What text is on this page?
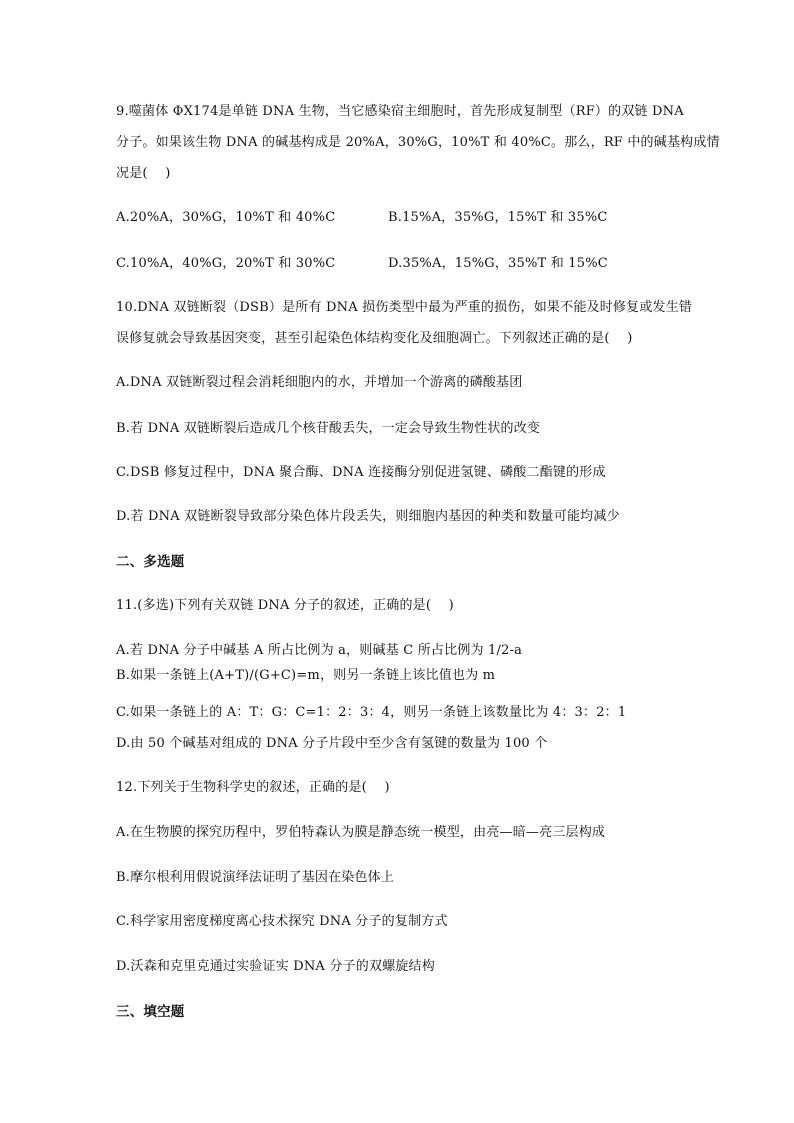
9.噬菌体 ΦX174是单链 DNA 生物，当它感染宿主细胞时，首先形成复制型（RF）的双链 DNA
分子。如果该生物 DNA 的碱基构成是 20%A，30%G，10%T 和 40%C。那么，RF 中的碱基构成情
况是(　 )
A.20%A，30%G，10%T 和 40%C	B.15%A，35%G，15%T 和 35%C
C.10%A，40%G，20%T 和 30%C	D.35%A，15%G，35%T 和 15%C
10.DNA 双链断裂（DSB）是所有 DNA 损伤类型中最为严重的损伤，如果不能及时修复或发生错
误修复就会导致基因突变，甚至引起染色体结构变化及细胞凋亡。下列叙述正确的是(　 )
A.DNA 双链断裂过程会消耗细胞内的水，并增加一个游离的磷酸基团
B.若 DNA 双链断裂后造成几个核苷酸丢失，一定会导致生物性状的改变
C.DSB 修复过程中，DNA 聚合酶、DNA 连接酶分别促进氢键、磷酸二酯键的形成
D.若 DNA 双链断裂导致部分染色体片段丢失，则细胞内基因的种类和数量可能均减少
二、多选题
11.(多选)下列有关双链 DNA 分子的叙述，正确的是(　 )
A.若 DNA 分子中碱基 A 所占比例为 a，则碱基 C 所占比例为 1/2-a
B.如果一条链上(A+T)/(G+C)=m，则另一条链上该比值也为 m
C.如果一条链上的 A：T：G：C=1：2：3：4，则另一条链上该数量比为 4：3：2：1
D.由 50 个碱基对组成的 DNA 分子片段中至少含有氢键的数量为 100 个
12.下列关于生物科学史的叙述，正确的是(　 )
A.在生物膜的探究历程中，罗伯特森认为膜是静态统一模型，由亮—暗—亮三层构成
B.摩尔根利用假说演绎法证明了基因在染色体上
C.科学家用密度梯度离心技术探究 DNA 分子的复制方式
D.沃森和克里克通过实验证实 DNA 分子的双螺旋结构
三、填空题
